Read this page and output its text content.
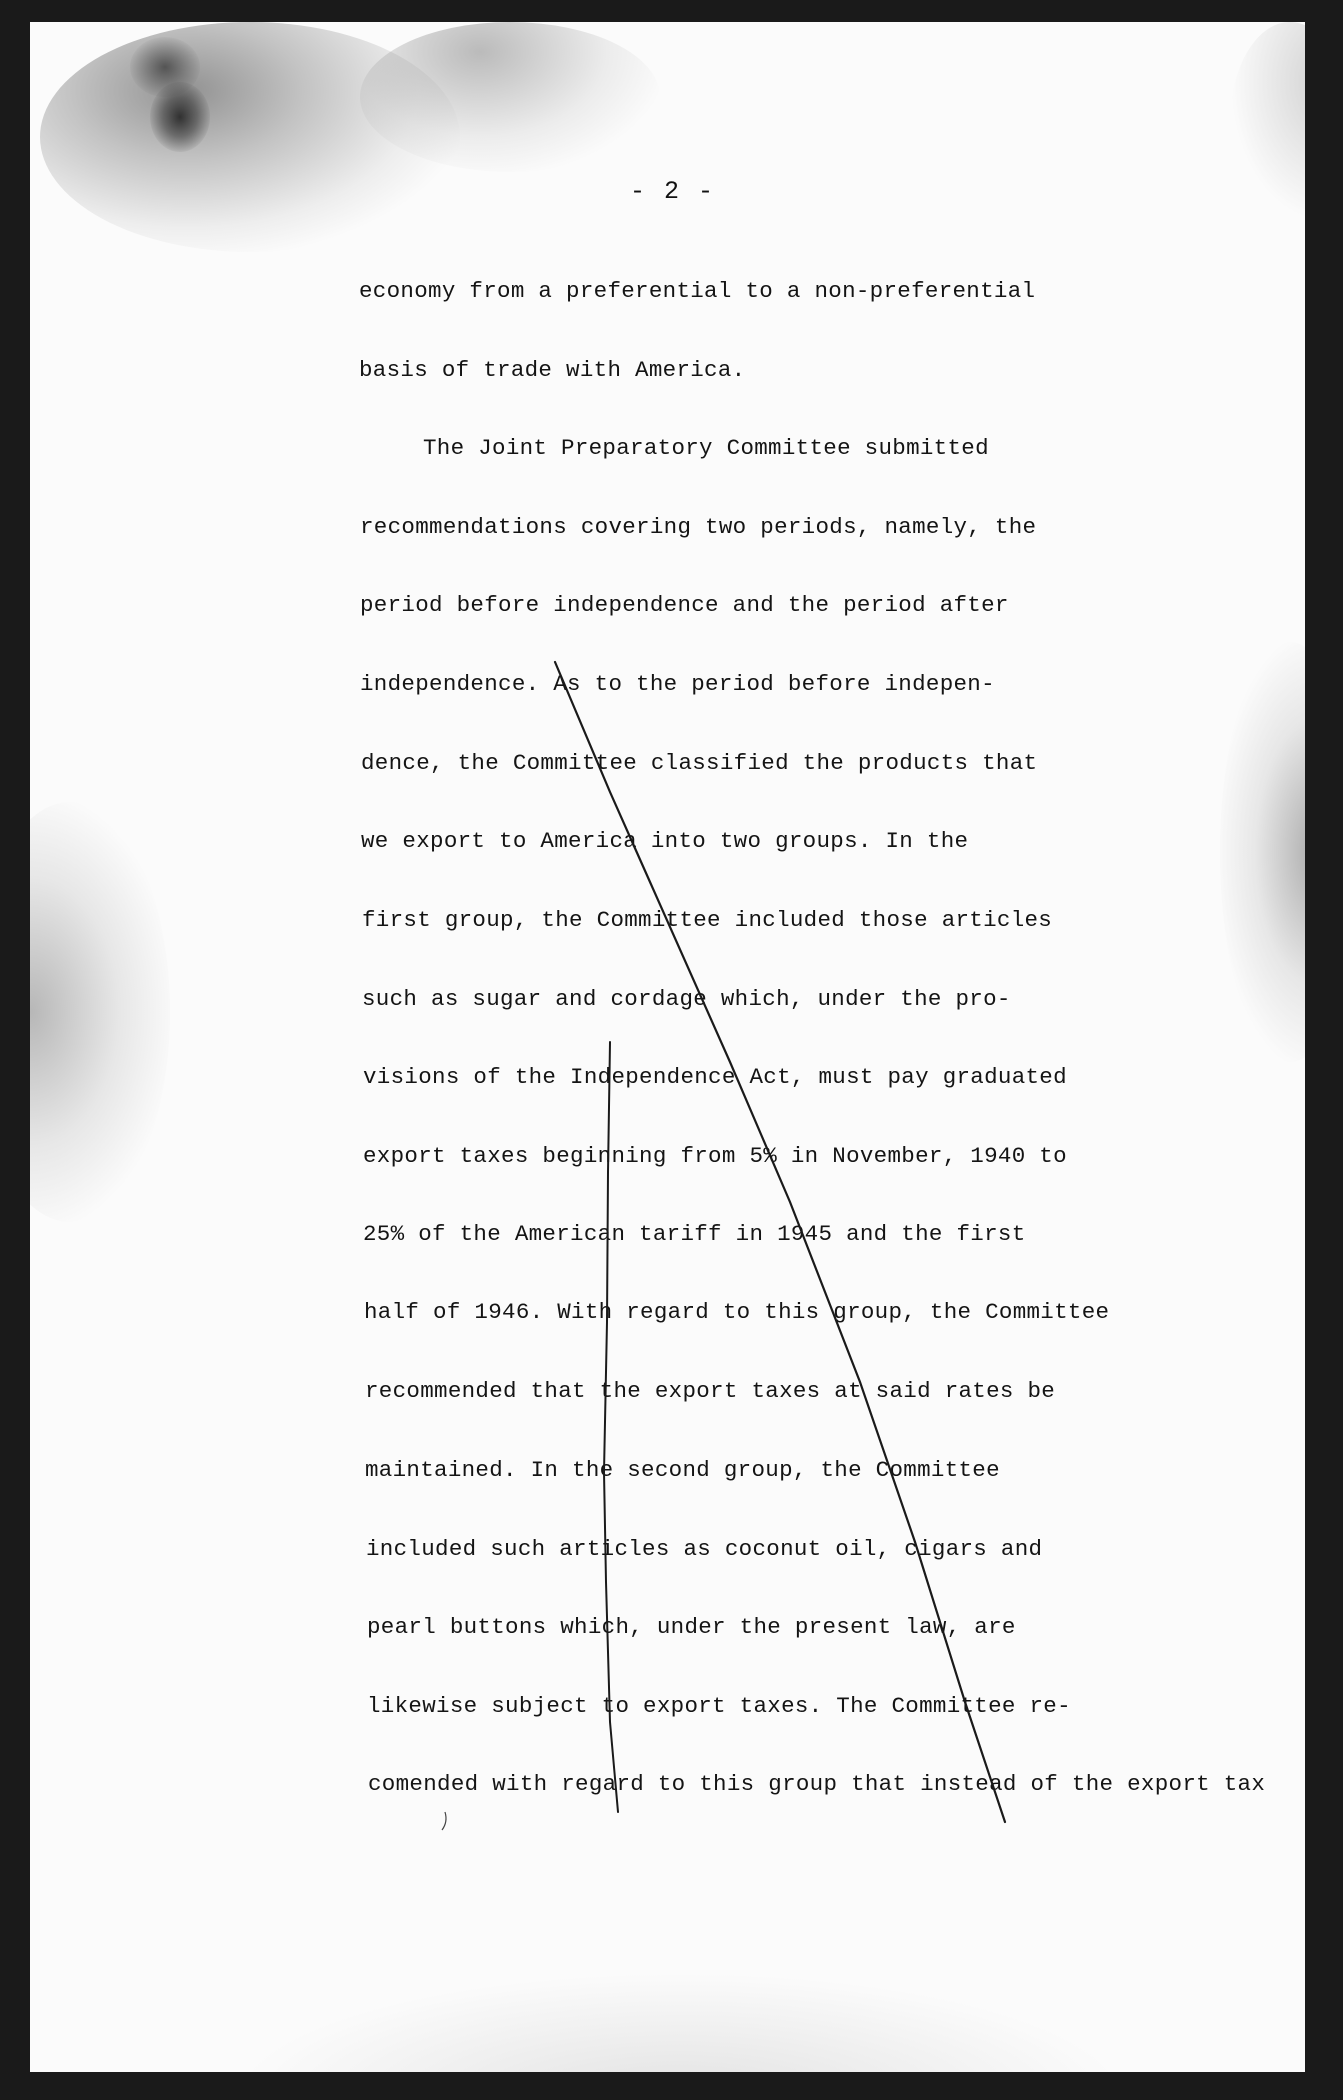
- 2 -
economy from a preferential to a non-preferential
basis of trade with America.
The Joint Preparatory Committee submitted
recommendations covering two periods, namely, the
period before independence and the period after
independence. As to the period before indepen-
dence, the Committee classified the products that
we export to America into two groups. In the
first group, the Committee included those articles
such as sugar and cordage which, under the pro-
visions of the Independence Act, must pay graduated
export taxes beginning from 5% in November, 1940 to
25% of the American tariff in 1945 and the first
half of 1946. With regard to this group, the Committee
recommended that the export taxes at said rates be
maintained. In the second group, the Committee
included such articles as coconut oil, cigars and
pearl buttons which, under the present law, are
likewise subject to export taxes. The Committee re-
comended with regard to this group that instead of the export tax
